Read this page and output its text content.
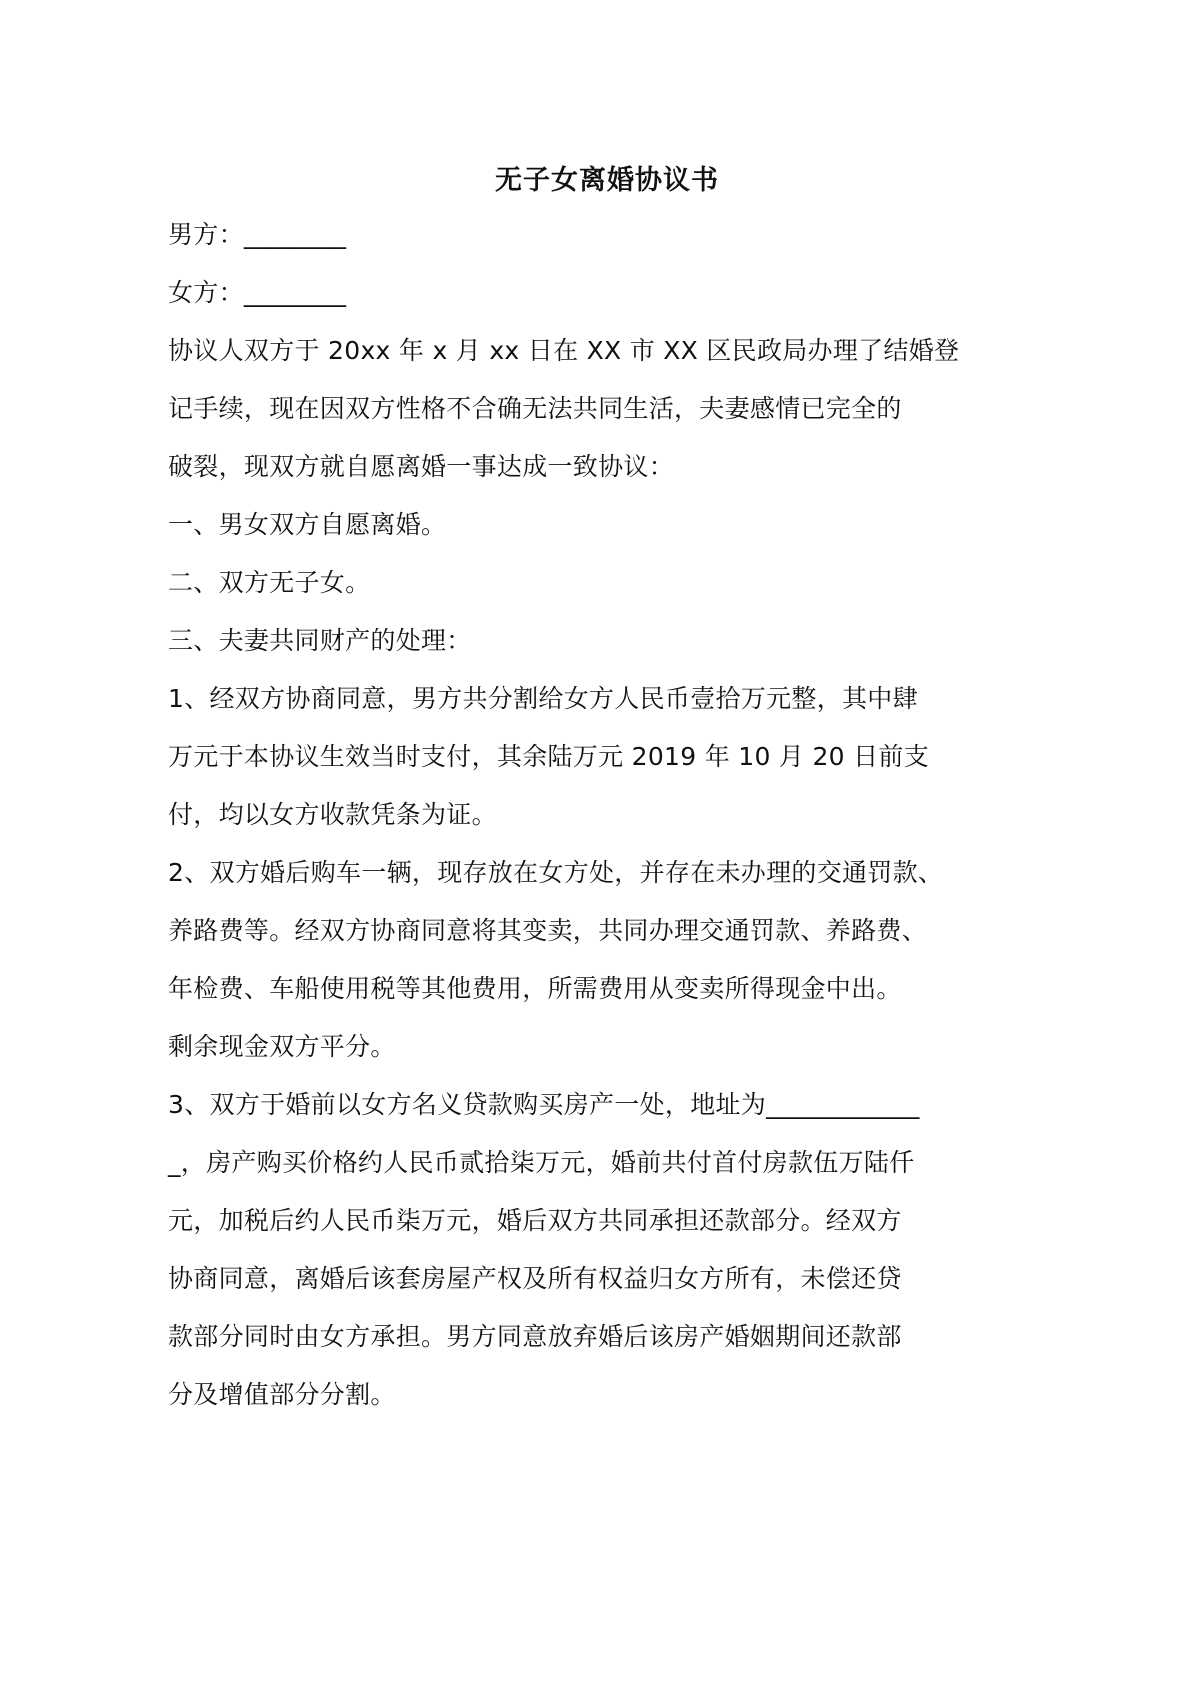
无子女离婚协议书
男方：________
女方：________
协议人双方于 20xx 年 x 月 xx 日在 XX 市 XX 区民政局办理了结婚登
记手续，现在因双方性格不合确无法共同生活，夫妻感情已完全的
破裂，现双方就自愿离婚一事达成一致协议：
一、男女双方自愿离婚。
二、双方无子女。
三、夫妻共同财产的处理：
1、经双方协商同意，男方共分割给女方人民币壹拾万元整，其中肆
万元于本协议生效当时支付，其余陆万元 2019 年 10 月 20 日前支
付，均以女方收款凭条为证。
2、双方婚后购车一辆，现存放在女方处，并存在未办理的交通罚款、
养路费等。经双方协商同意将其变卖，共同办理交通罚款、养路费、
年检费、车船使用税等其他费用，所需费用从变卖所得现金中出。
剩余现金双方平分。
3、双方于婚前以女方名义贷款购买房产一处，地址为____________
_，房产购买价格约人民币贰拾柒万元，婚前共付首付房款伍万陆仟
元，加税后约人民币柒万元，婚后双方共同承担还款部分。经双方
协商同意，离婚后该套房屋产权及所有权益归女方所有，未偿还贷
款部分同时由女方承担。男方同意放弃婚后该房产婚姻期间还款部
分及增值部分分割。
